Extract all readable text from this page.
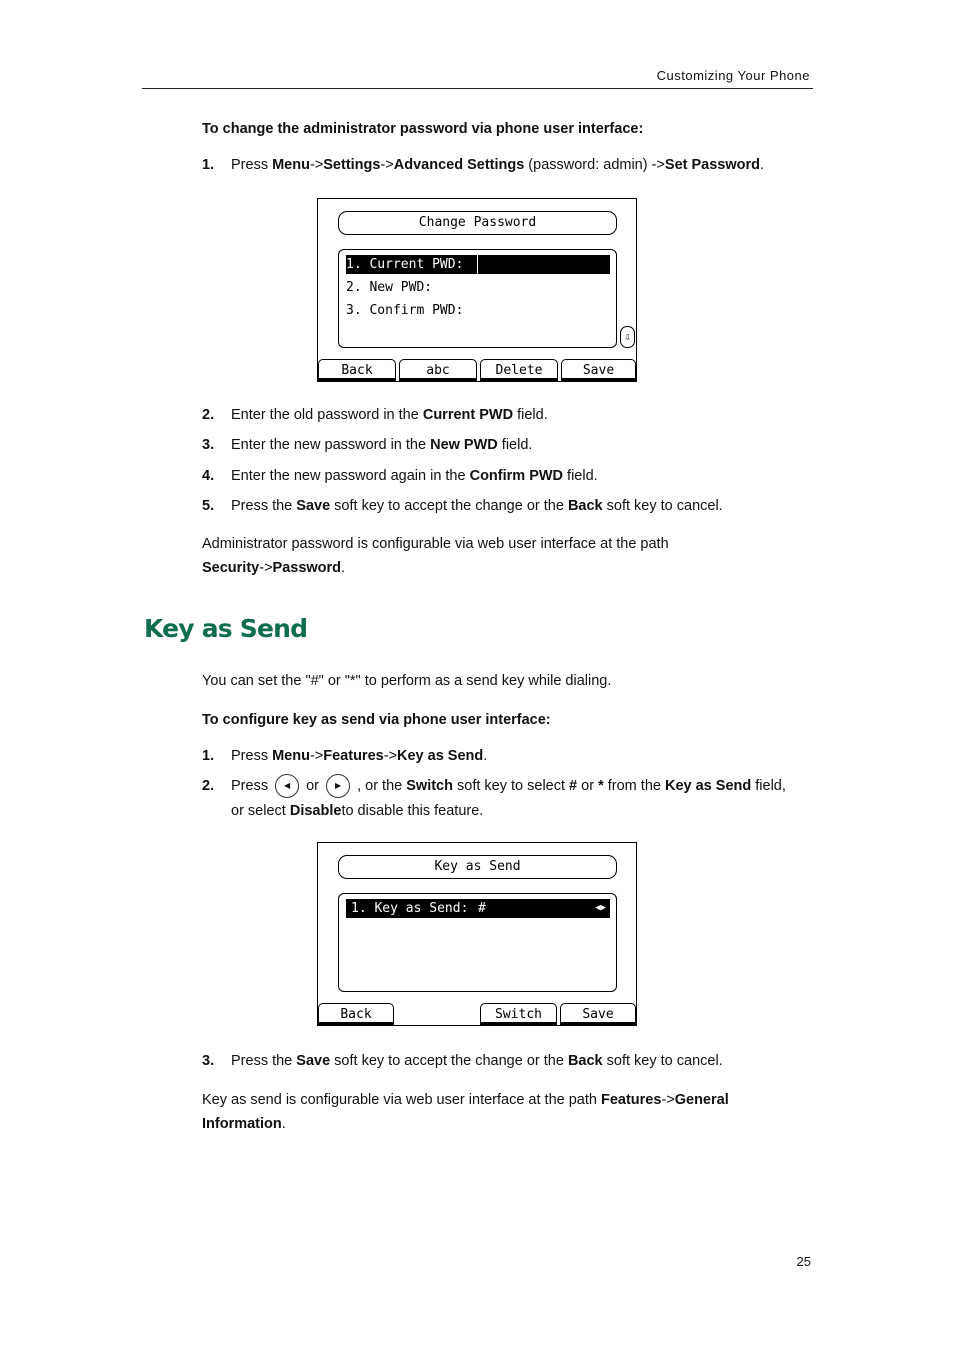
Customizing Your Phone
To change the administrator password via phone user interface:
1. Press Menu->Settings->Advanced Settings (password: admin) ->Set Password.
Change Password
1. Current PWD:
2. New PWD:
3. Confirm PWD:
⇩
Back	abc	Delete	Save
2. Enter the old password in the Current PWD field.
3. Enter the new password in the New PWD field.
4. Enter the new password again in the Confirm PWD field.
5. Press the Save soft key to accept the change or the Back soft key to cancel.
Administrator password is configurable via web user interface at the path
Security->Password.
Key as Send
You can set the "#" or "*" to perform as a send key while dialing.
To configure key as send via phone user interface:
1. Press Menu->Features->Key as Send.
2. Press ◀ or ▶ , or the Switch soft key to select # or * from the Key as Send field,
or select Disableto disable this feature.
Key as Send
1. Key as Send: #	◀▶
Back	Switch	Save
3. Press the Save soft key to accept the change or the Back soft key to cancel.
Key as send is configurable via web user interface at the path Features->General
Information.
25
